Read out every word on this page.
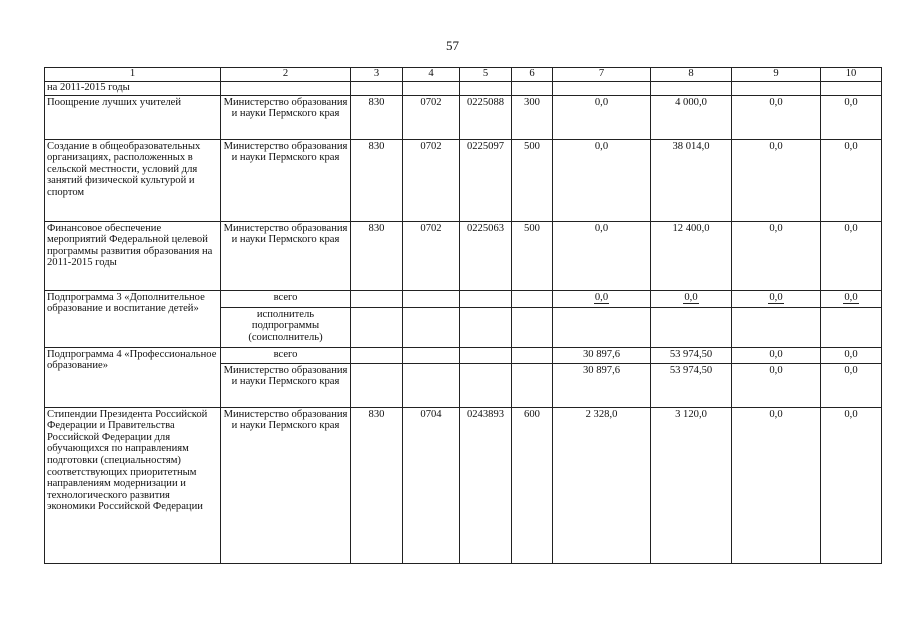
57
1	2	3	4	5	6	7	8	9	10
на 2011-2015 годы									
Поощрение лучших учителей	Министерство образования и науки Пермского края	830	0702	0225088	300	0,0	4 000,0	0,0	0,0
Создание в общеобразовательных организациях, расположенных в сельской местности, условий для занятий физической культурой и спортом	Министерство образования и науки Пермского края	830	0702	0225097	500	0,0	38 014,0	0,0	0,0
Финансовое обеспечение мероприятий Федеральной целевой программы развития образования на 2011-2015 годы	Министерство образования и науки Пермского края	830	0702	0225063	500	0,0	12 400,0	0,0	0,0
Подпрограмма 3 «Дополнительное образование и воспитание детей»	всего					0,0	0,0	0,0	0,0
	исполнитель подпрограммы (соисполнитель)								
Подпрограмма 4 «Профессиональное образование»	всего					30 897,6	53 974,50	0,0	0,0
	Министерство образования и науки Пермского края					30 897,6	53 974,50	0,0	0,0
Стипендии Президента Российской Федерации и Правительства Российской Федерации для обучающихся по направлениям подготовки (специальностям) соответствующих приоритетным направлениям модернизации и технологического развития экономики Российской Федерации	Министерство образования и науки Пермского края	830	0704	0243893	600	2 328,0	3 120,0	0,0	0,0
